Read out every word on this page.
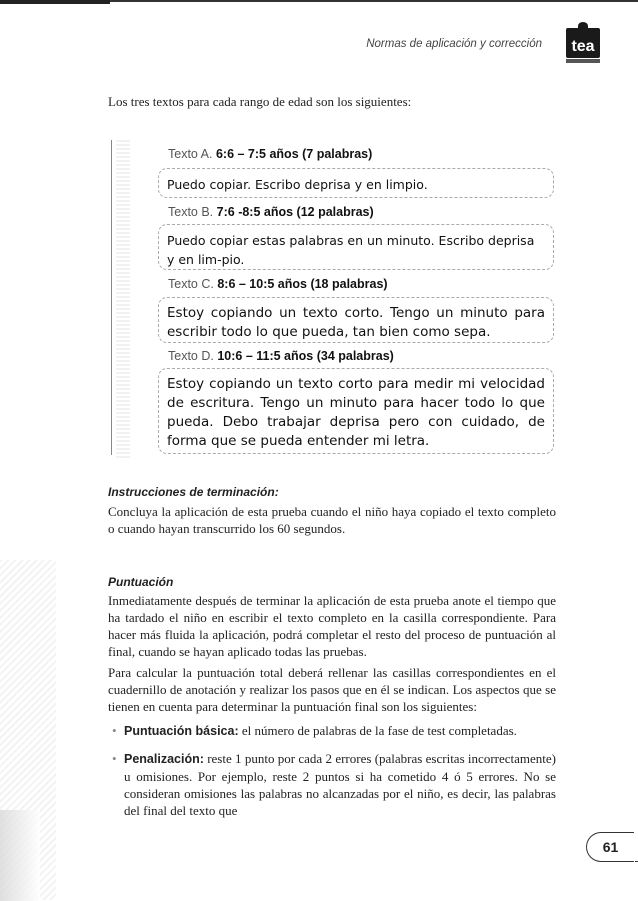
Normas de aplicación y corrección	tea
Los tres textos para cada rango de edad son los siguientes:
Texto A. 6:6 – 7:5 años (7 palabras)
Puedo copiar. Escribo deprisa y en limpio.
Texto B. 7:6 -8:5 años (12 palabras)
Puedo copiar estas palabras en un minuto. Escribo deprisa y en lim-pio.
Texto C. 8:6 – 10:5 años (18 palabras)
Estoy copiando un texto corto. Tengo un minuto para escribir todo lo que pueda, tan bien como sepa.
Texto D. 10:6 – 11:5 años (34 palabras)
Estoy copiando un texto corto para medir mi velocidad de escritura. Tengo un minuto para hacer todo lo que pueda. Debo trabajar deprisa pero con cuidado, de forma que se pueda entender mi letra.
Instrucciones de terminación:
Concluya la aplicación de esta prueba cuando el niño haya copiado el texto completo o cuando hayan transcurrido los 60 segundos.
Puntuación
Inmediatamente después de terminar la aplicación de esta prueba anote el tiempo que ha tardado el niño en escribir el texto completo en la casilla correspondiente. Para hacer más fluida la aplicación, podrá completar el resto del proceso de puntuación al final, cuando se hayan aplicado todas las pruebas.
Para calcular la puntuación total deberá rellenar las casillas correspondientes en el cuadernillo de anotación y realizar los pasos que en él se indican. Los aspectos que se tienen en cuenta para determinar la puntuación final son los siguientes:
• Puntuación básica: el número de palabras de la fase de test completadas.
• Penalización: reste 1 punto por cada 2 errores (palabras escritas incorrectamente) u omisiones. Por ejemplo, reste 2 puntos si ha cometido 4 ó 5 errores. No se consideran omisiones las palabras no alcanzadas por el niño, es decir, las palabras del final del texto que
61
